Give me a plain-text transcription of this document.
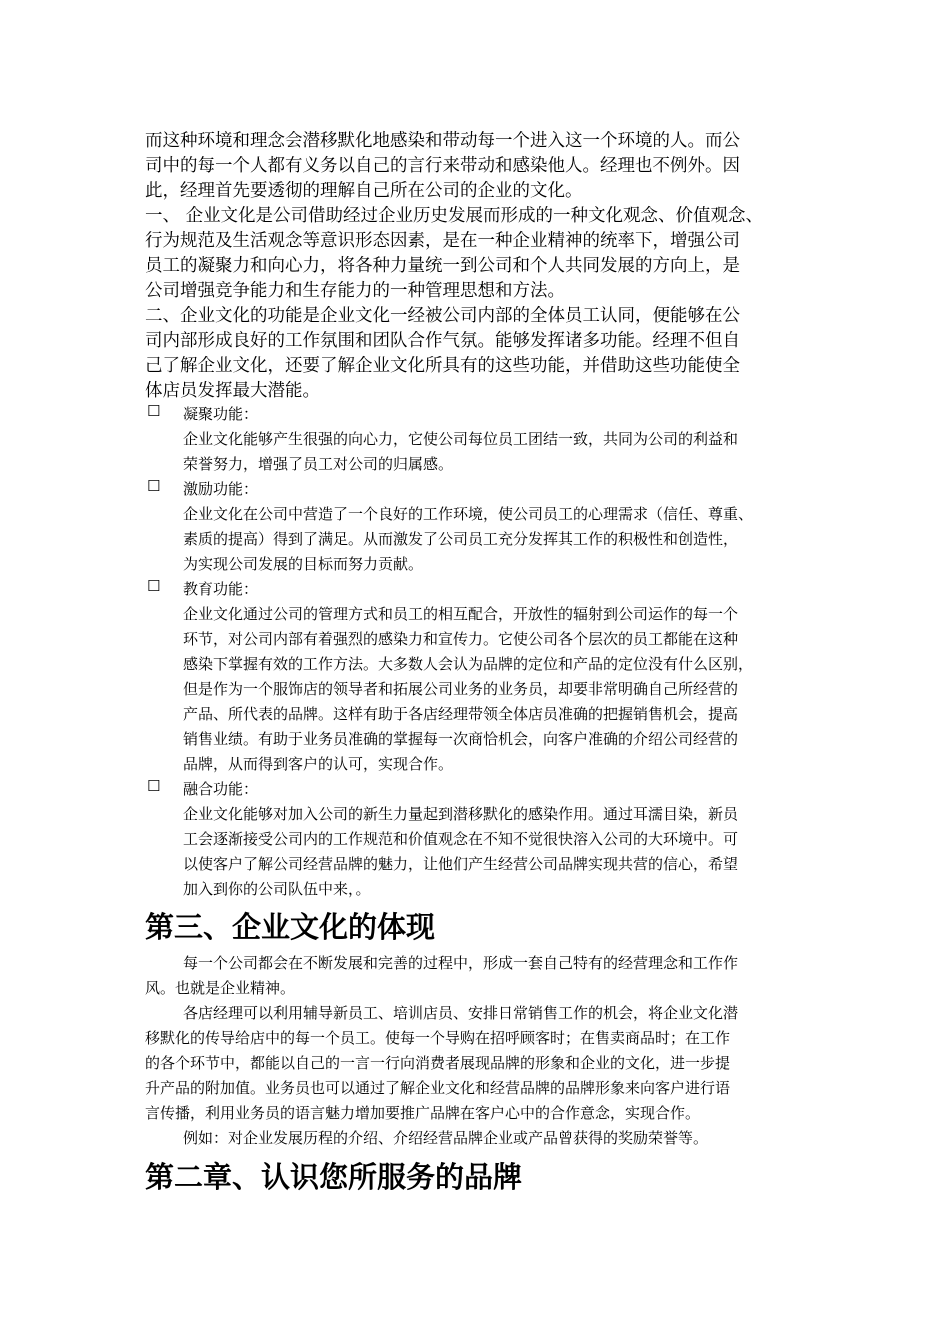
而这种环境和理念会潜移默化地感染和带动每一个进入这一个环境的人。而公
司中的每一个人都有义务以自己的言行来带动和感染他人。经理也不例外。因
此，经理首先要透彻的理解自己所在公司的企业的文化。
一、 企业文化是公司借助经过企业历史发展而形成的一种文化观念、价值观念、
行为规范及生活观念等意识形态因素，是在一种企业精神的统率下，增强公司
员工的凝聚力和向心力，将各种力量统一到公司和个人共同发展的方向上，是
公司增强竞争能力和生存能力的一种管理思想和方法。
二、企业文化的功能是企业文化一经被公司内部的全体员工认同，便能够在公
司内部形成良好的工作氛围和团队合作气氛。能够发挥诸多功能。经理不但自
己了解企业文化，还要了解企业文化所具有的这些功能，并借助这些功能使全
体店员发挥最大潜能。
☐ 凝聚功能：
企业文化能够产生很强的向心力，它使公司每位员工团结一致，共同为公司的利益和
荣誉努力，增强了员工对公司的归属感。
☐ 激励功能：
企业文化在公司中营造了一个良好的工作环境，使公司员工的心理需求（信任、尊重、
素质的提高）得到了满足。从而激发了公司员工充分发挥其工作的积极性和创造性，
为实现公司发展的目标而努力贡献。
☐ 教育功能：
企业文化通过公司的管理方式和员工的相互配合，开放性的辐射到公司运作的每一个
环节，对公司内部有着强烈的感染力和宣传力。它使公司各个层次的员工都能在这种
感染下掌握有效的工作方法。大多数人会认为品牌的定位和产品的定位没有什么区别，
但是作为一个服饰店的领导者和拓展公司业务的业务员，却要非常明确自己所经营的
产品、所代表的品牌。这样有助于各店经理带领全体店员准确的把握销售机会，提高
销售业绩。有助于业务员准确的掌握每一次商恰机会，向客户准确的介绍公司经营的
品牌，从而得到客户的认可，实现合作。
☐ 融合功能：
企业文化能够对加入公司的新生力量起到潜移默化的感染作用。通过耳濡目染，新员
工会逐渐接受公司内的工作规范和价值观念在不知不觉很快溶入公司的大环境中。可
以使客户了解公司经营品牌的魅力，让他们产生经营公司品牌实现共营的信心，希望
加入到你的公司队伍中来，。
第三、企业文化的体现
每一个公司都会在不断发展和完善的过程中，形成一套自己特有的经营理念和工作作
风。也就是企业精神。
各店经理可以利用辅导新员工、培训店员、安排日常销售工作的机会，将企业文化潜
移默化的传导给店中的每一个员工。使每一个导购在招呼顾客时；在售卖商品时；在工作
的各个环节中，都能以自己的一言一行向消费者展现品牌的形象和企业的文化，进一步提
升产品的附加值。业务员也可以通过了解企业文化和经营品牌的品牌形象来向客户进行语
言传播，利用业务员的语言魅力增加要推广品牌在客户心中的合作意念，实现合作。
例如：对企业发展历程的介绍、介绍经营品牌企业或产品曾获得的奖励荣誉等。
第二章、认识您所服务的品牌
